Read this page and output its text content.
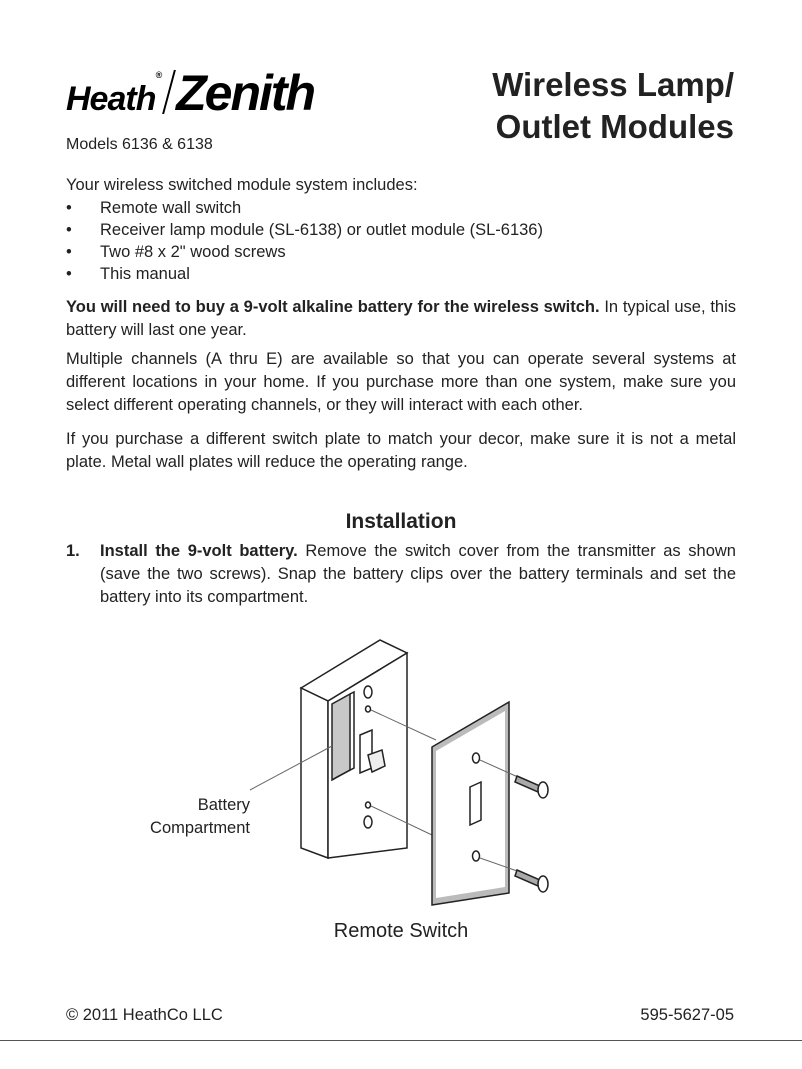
Heath® Zenith	Wireless Lamp/
Outlet Modules
Models 6136 & 6138

Your wireless switched module system includes:

• Remote wall switch
• Receiver lamp module (SL-6138) or outlet module (SL-6136)
• Two #8 x 2" wood screws
• This manual

You will need to buy a 9-volt alkaline battery for the wireless switch. In typical use, this battery will last one year.

Multiple channels (A thru E) are available so that you can operate several systems at different locations in your home. If you purchase more than one system, make sure you select different operating channels, or they will interact with each other.

If you purchase a different switch plate to match your decor, make sure it is not a metal plate. Metal wall plates will reduce the operating range.

Installation
1. Install the 9-volt battery. Remove the switch cover from the transmitter as shown (save the two screws). Snap the battery clips over the battery terminals and set the battery into its compartment.

Battery
Compartment
Remote Switch
© 2011 HeathCo LLC	595-5627-05
